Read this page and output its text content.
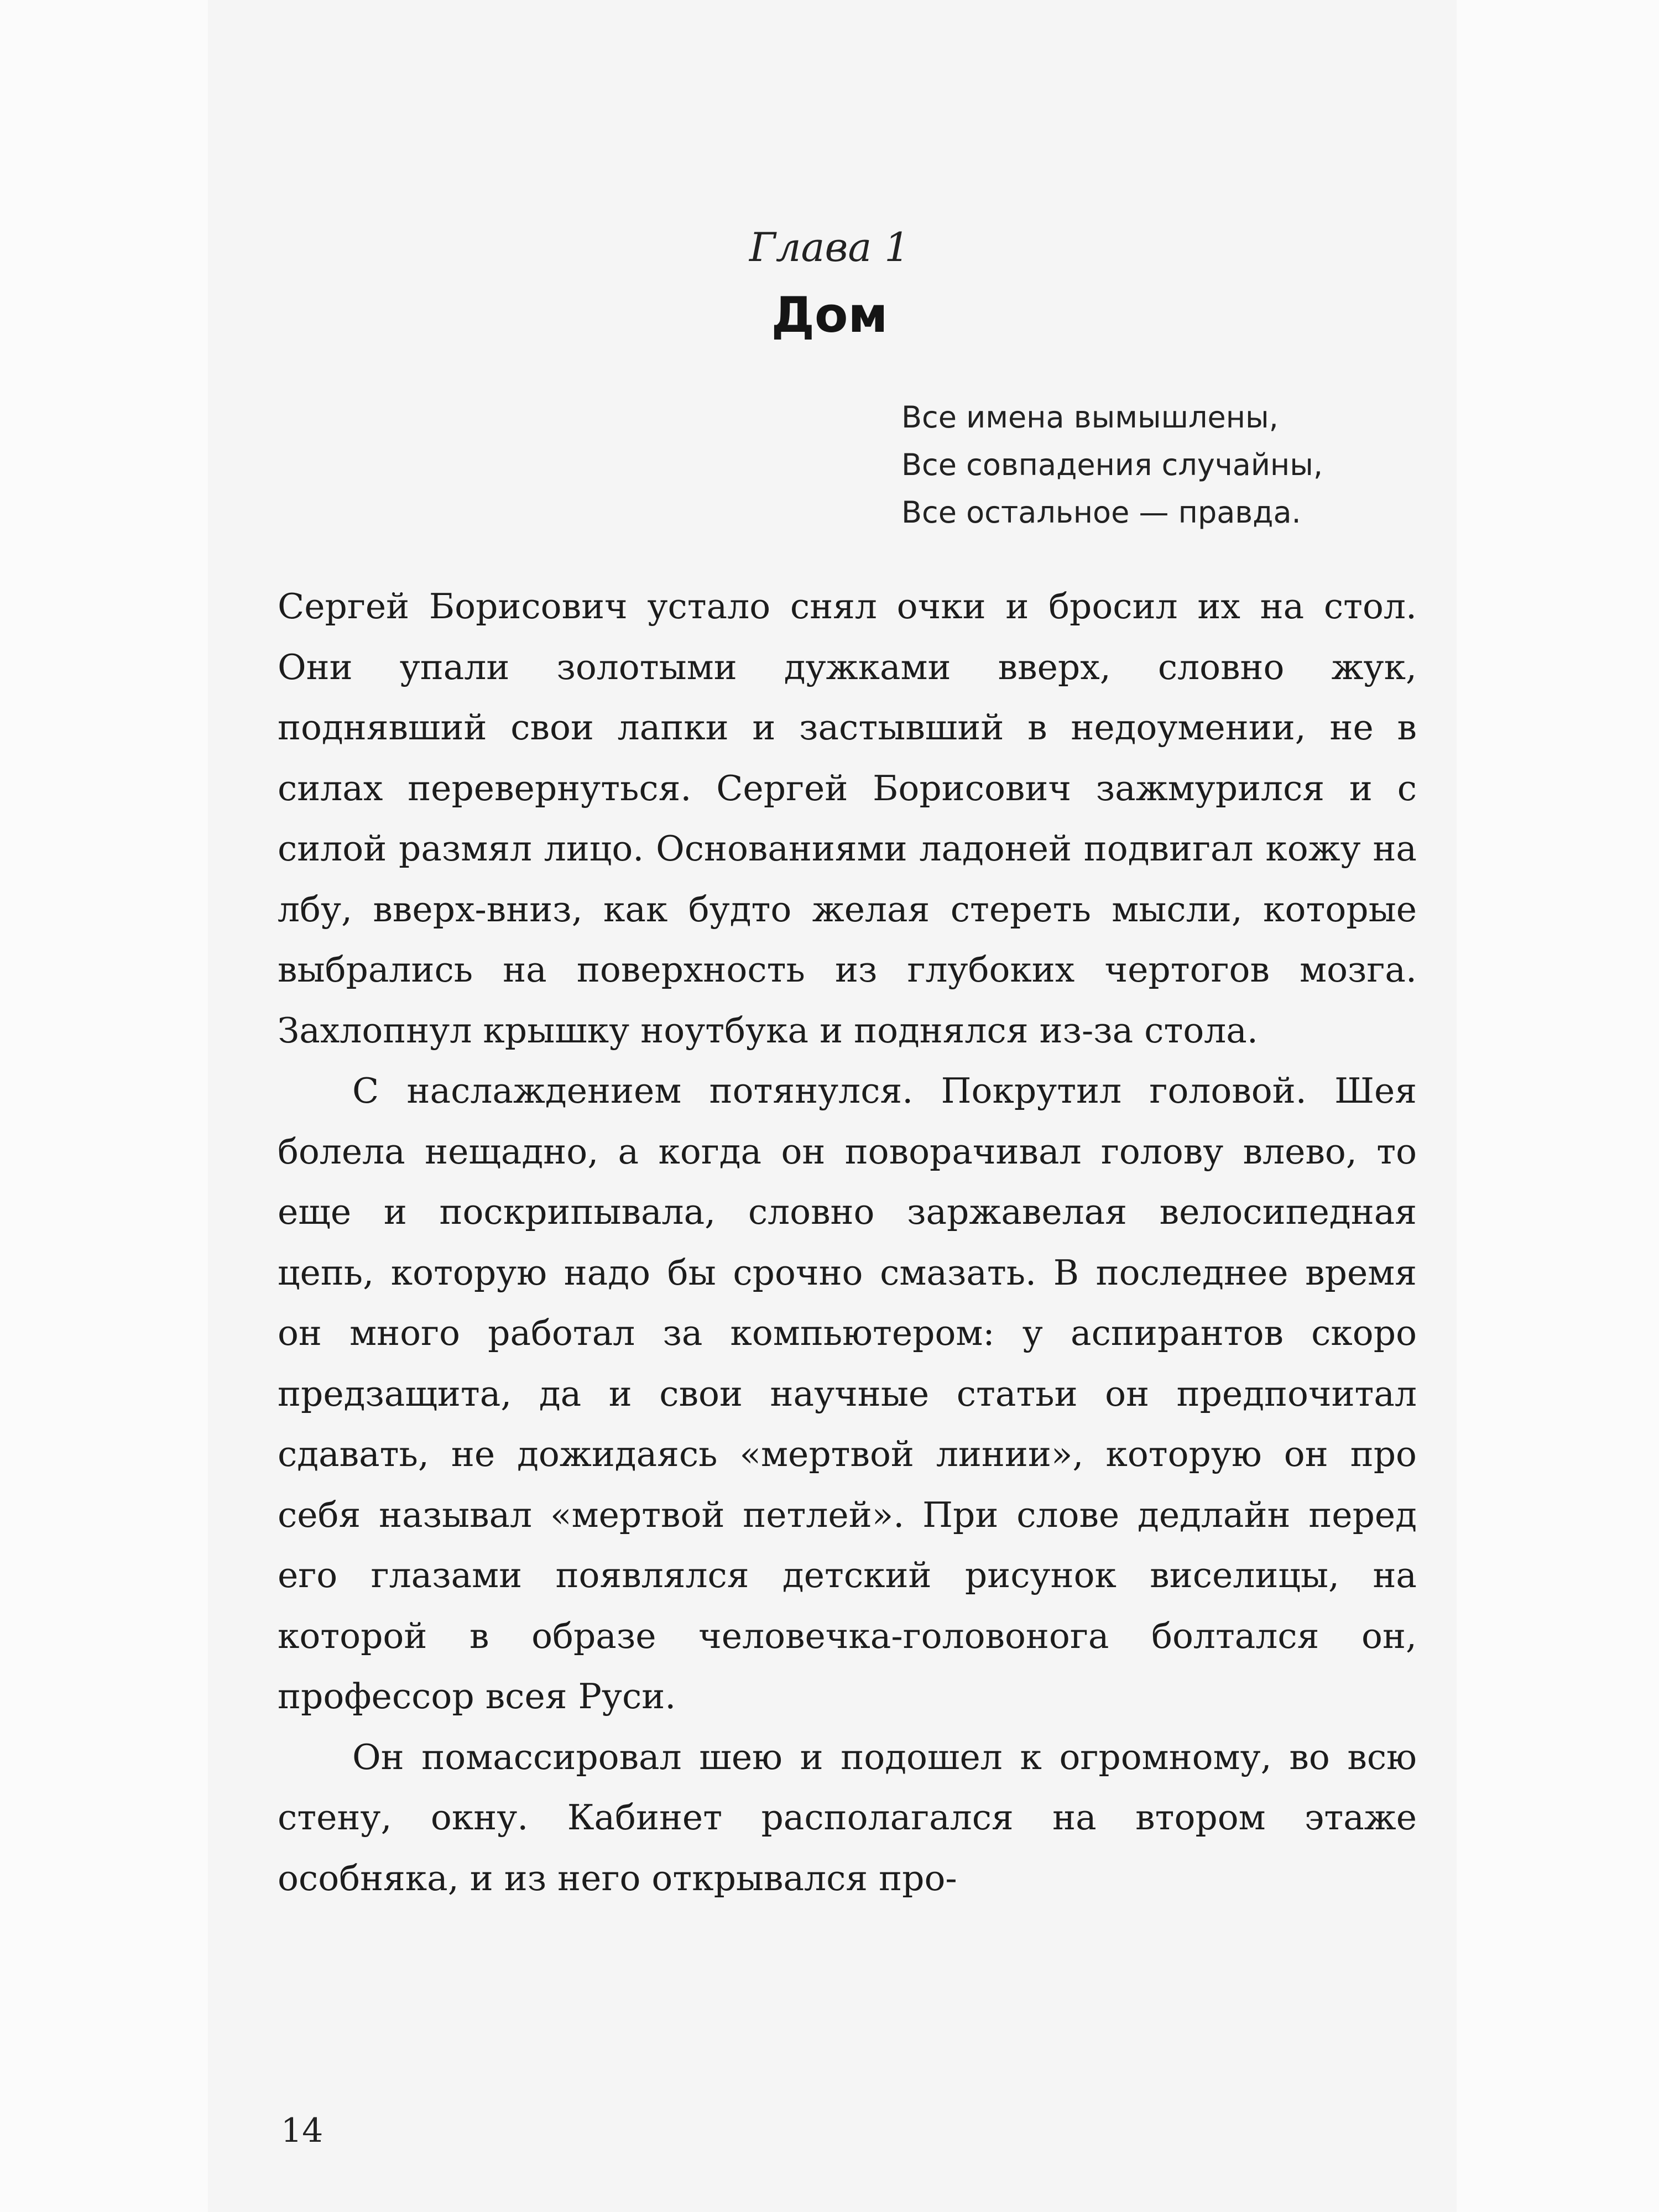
Глава 1
Дом
Все имена вымышлены,
Все совпадения случайны,
Все остальное — правда.

Сергей Борисович устало снял очки и бросил их на стол. Они упали золотыми дужками вверх, словно жук, поднявший свои лапки и застывший в недоумении, не в силах перевернуться. Сергей Борисович зажмурился и с силой размял лицо. Основаниями ладоней подвигал кожу на лбу, вверх-вниз, как будто желая стереть мысли, которые выбрались на поверхность из глубоких чертогов мозга. Захлопнул крышку ноутбука и поднялся из-за стола.

С наслаждением потянулся. Покрутил головой. Шея болела нещадно, а когда он поворачивал голову влево, то еще и поскрипывала, словно заржавелая велосипедная цепь, которую надо бы срочно смазать. В последнее время он много работал за компьютером: у аспирантов скоро предзащита, да и свои научные статьи он предпочитал сдавать, не дожидаясь «мертвой линии», которую он про себя называл «мертвой петлей». При слове дедлайн перед его глазами появлялся детский рисунок виселицы, на которой в образе человечка-головонога болтался он, профессор всея Руси.

Он помассировал шею и подошел к огромному, во всю стену, окну. Кабинет располагался на втором этаже особняка, и из него открывался про-

14
